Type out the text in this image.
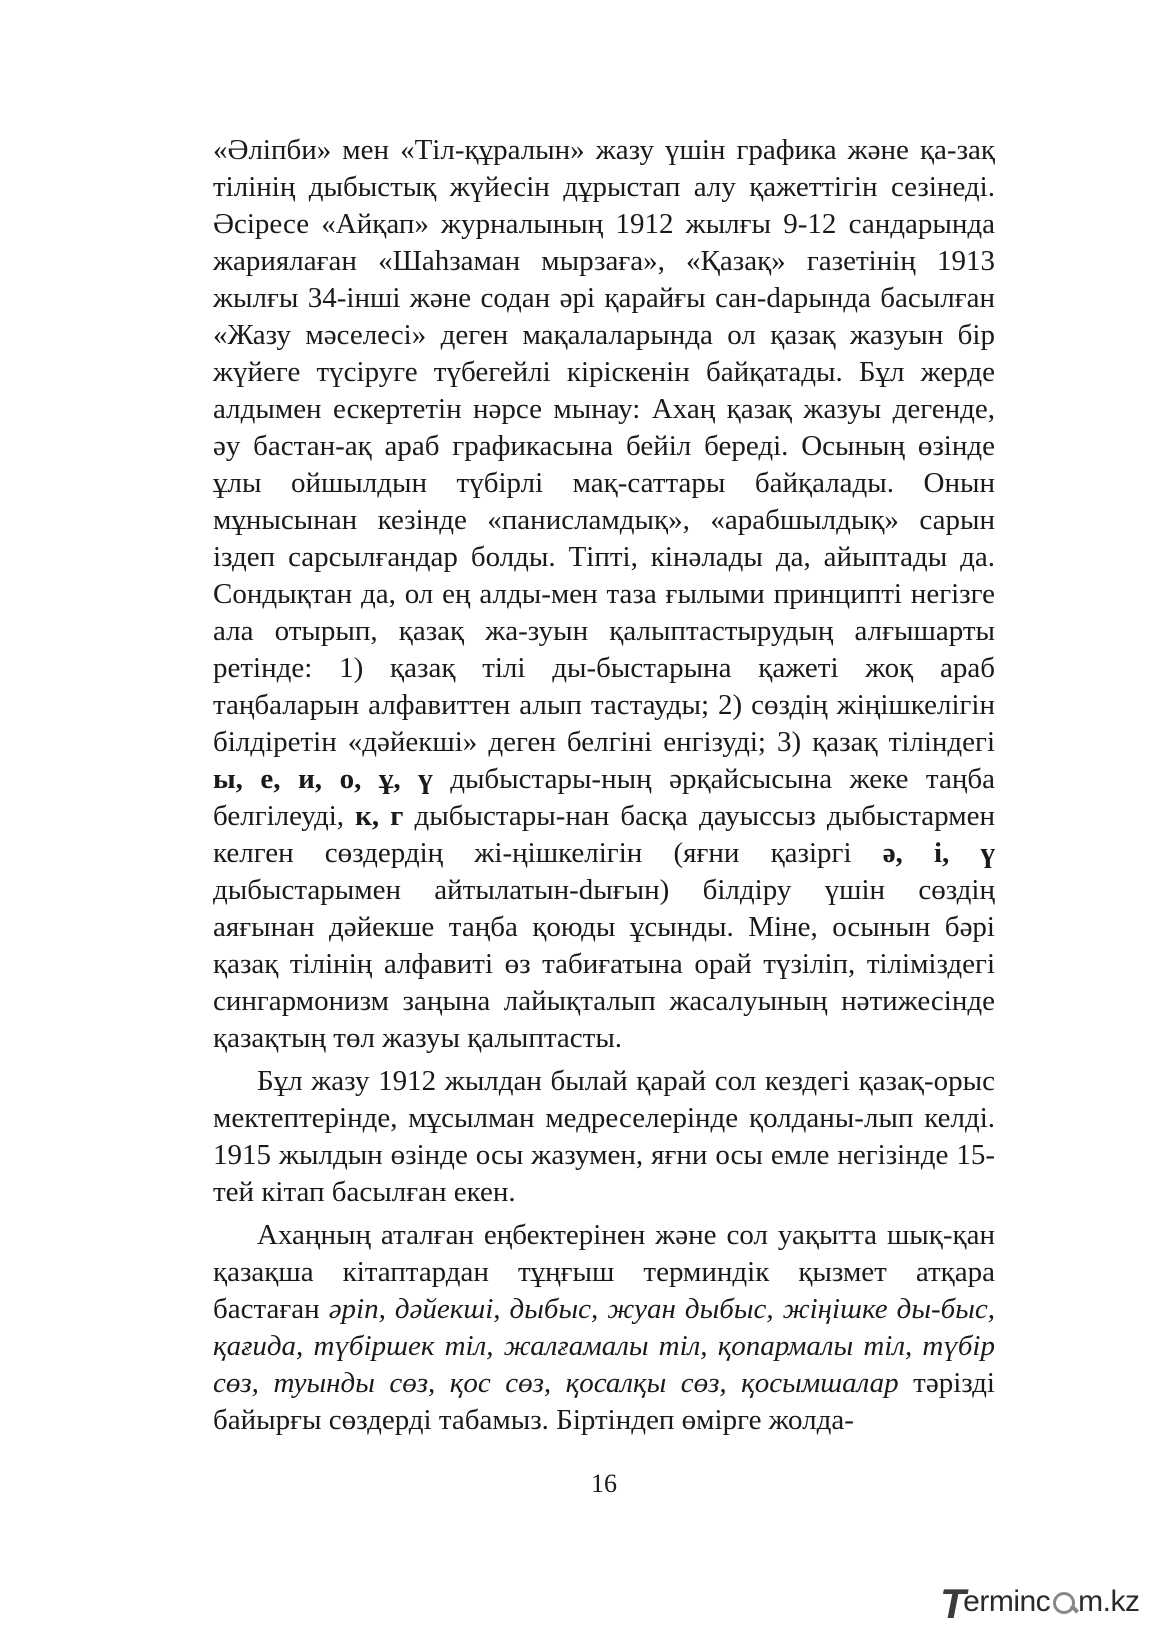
«Әліпби» мен «Тіл-құралын» жазу үшін графика және қа-зақ тілінің дыбыстық жүйесін дұрыстап алу қажеттігін сезінеді. Әсіресе «Айқап» журналының 1912 жылғы 9-12 сандарында жариялаған «Шаһзаман мырзаға», «Қазақ» газетінің 1913 жылғы 34-інші және содан әрі қарайғы сан-dарында басылған «Жазу мәселесі» деген мақалаларында ол қазақ жазуын бір жүйеге түсіруге түбегейлі кірiскенін байқатады. Бұл жерде алдымен ескертетін нәрсе мынау: Ахаң қазақ жазуы дегенде, әу бастан-ақ араб графикасына бейіл береді. Осының өзінде ұлы ойшылдын түбірлі мақ-саттары байқалады. Онын мұнысынан кезінде «панисламдық», «арабшылдық» сарын іздеп сарсылғандар болды. Тіпті, кінәлады да, айыптады да. Сондықтан да, ол ең алды-мен таза ғылыми принципті негізге ала отырып, қазақ жа-зуын қалыптастырудың алғышарты ретінде: 1) қазақ тілі ды-быстарына қажеті жоқ араб таңбаларын алфавиттен алып тастауды; 2) сөздің жіңішкелігін білдіретін «дәйекші» деген белгіні енгізуді; 3) қазақ тіліндегі ы, е, и, о, ұ, ү дыбыстары-ның әрқайсысына жеке таңба белгілеуді, к, г дыбыстары-нан басқа дауыссыз дыбыстармен келген сөздердің жі-ңішкелігін (яғни қазіргі ә, і, ү дыбыстарымен айтылатын-dығын) білдіру үшін сөздің аяғынан дәйекше таңба қоюды ұсынды. Міне, осынын бәрі қазақ тілінің алфавиті өз табиғатына орай түзіліп, тіліміздегі сингармонизм заңына лайықталып жасалуының нәтижесінде қазақтың төл жазуы қалыптасты.

Бұл жазу 1912 жылдан былай қарай сол кездегі қазақ-орыс мектептерінде, мұсылман медреселерінде қолданы-лып келді. 1915 жылдын өзінде осы жазумен, яғни осы емле негізінде 15-тей кітап басылған екен.

Ахаңның аталған еңбектерінен және сол уақытта шық-қан қазақша кітаптардан тұңғыш терминдік қызмет атқара бастаған әріп, дәйекші, дыбыс, жуан дыбыс, жіңішке ды-быс, қағида, түбіршек тіл, жалғамалы тіл, қопармалы тіл, түбір сөз, туынды сөз, қос сөз, қосалқы сөз, қосымшалар тәрізді байырғы сөздерді табамыз. Біртіндеп өмірге жолда-

16
T
erminc m.kz
